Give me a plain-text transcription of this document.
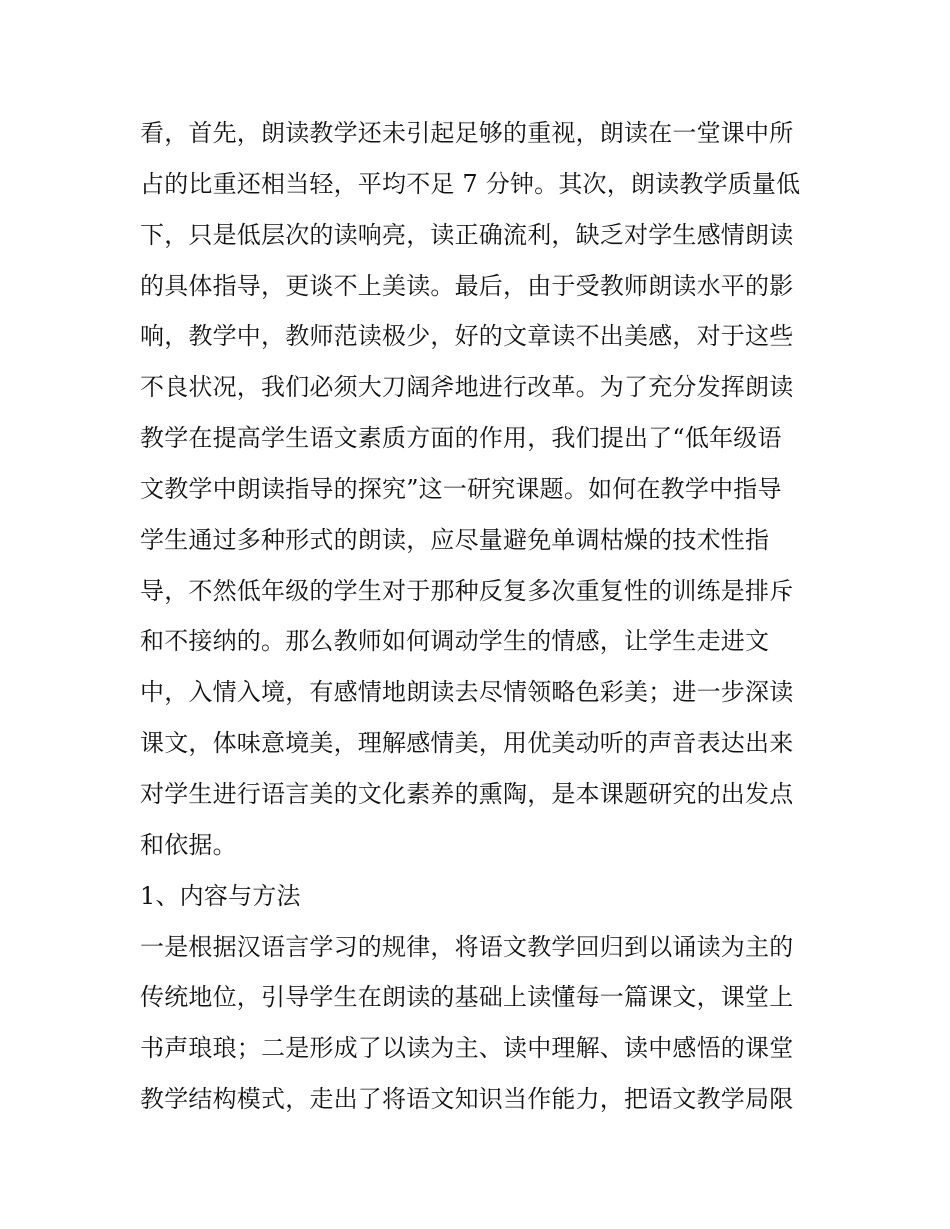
看，首先，朗读教学还未引起足够的重视，朗读在一堂课中所
占的比重还相当轻，平均不足 7 分钟。其次，朗读教学质量低
下，只是低层次的读响亮，读正确流利，缺乏对学生感情朗读
的具体指导，更谈不上美读。最后，由于受教师朗读水平的影
响，教学中，教师范读极少，好的文章读不出美感，对于这些
不良状况，我们必须大刀阔斧地进行改革。为了充分发挥朗读
教学在提高学生语文素质方面的作用，我们提出了“低年级语
文教学中朗读指导的探究”这一研究课题。如何在教学中指导
学生通过多种形式的朗读，应尽量避免单调枯燥的技术性指
导，不然低年级的学生对于那种反复多次重复性的训练是排斥
和不接纳的。那么教师如何调动学生的情感，让学生走进文
中，入情入境，有感情地朗读去尽情领略色彩美；进一步深读
课文，体味意境美，理解感情美，用优美动听的声音表达出来
对学生进行语言美的文化素养的熏陶，是本课题研究的出发点
和依据。
1、内容与方法
一是根据汉语言学习的规律，将语文教学回归到以诵读为主的
传统地位，引导学生在朗读的基础上读懂每一篇课文，课堂上
书声琅琅；二是形成了以读为主、读中理解、读中感悟的课堂
教学结构模式，走出了将语文知识当作能力，把语文教学局限
